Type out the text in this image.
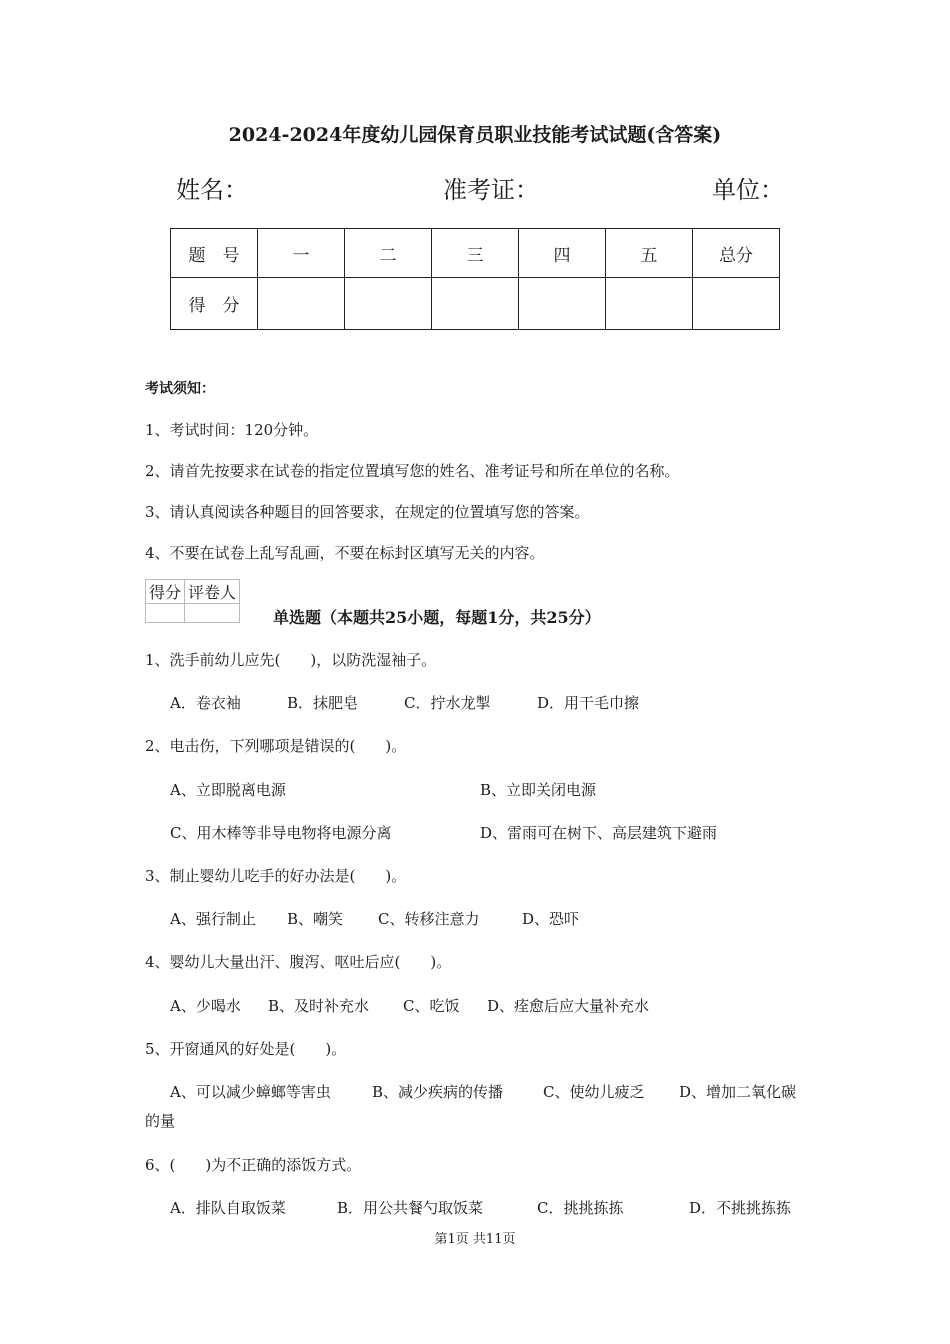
2024-2024年度幼儿园保育员职业技能考试试题(含答案)
姓名：	准考证：	单位：
题　号	一	二	三	四	五	总分
得　分						
考试须知：
1、考试时间：120分钟。
2、请首先按要求在试卷的指定位置填写您的姓名、准考证号和所在单位的名称。
3、请认真阅读各种题目的回答要求，在规定的位置填写您的答案。
4、不要在试卷上乱写乱画，不要在标封区填写无关的内容。
得分	评卷人

单选题（本题共25小题，每题1分，共25分）
1、洗手前幼儿应先(　　)，以防洗湿袖子。
A．卷衣袖	B．抹肥皂	C．拧水龙掣	D．用干毛巾擦
2、电击伤，下列哪项是错误的(　　)。
A、立即脱离电源	B、立即关闭电源
C、用木棒等非导电物将电源分离	D、雷雨可在树下、高层建筑下避雨
3、制止婴幼儿吃手的好办法是(　　)。
A、强行制止 B、嘲笑 C、转移注意力	D、恐吓
4、婴幼儿大量出汗、腹泻、呕吐后应(　　)。
A、少喝水 B、及时补充水 C、吃饭 D、痊愈后应大量补充水
5、开窗通风的好处是(　　)。
A、可以减少蟑螂等害虫	B、减少疾病的传播	C、使幼儿疲乏 D、增加二氧化碳
的量
6、(　　)为不正确的添饭方式。
A．排队自取饭菜	B．用公共餐勺取饭菜	C．挑挑拣拣	D．不挑挑拣拣
第1页 共11页
